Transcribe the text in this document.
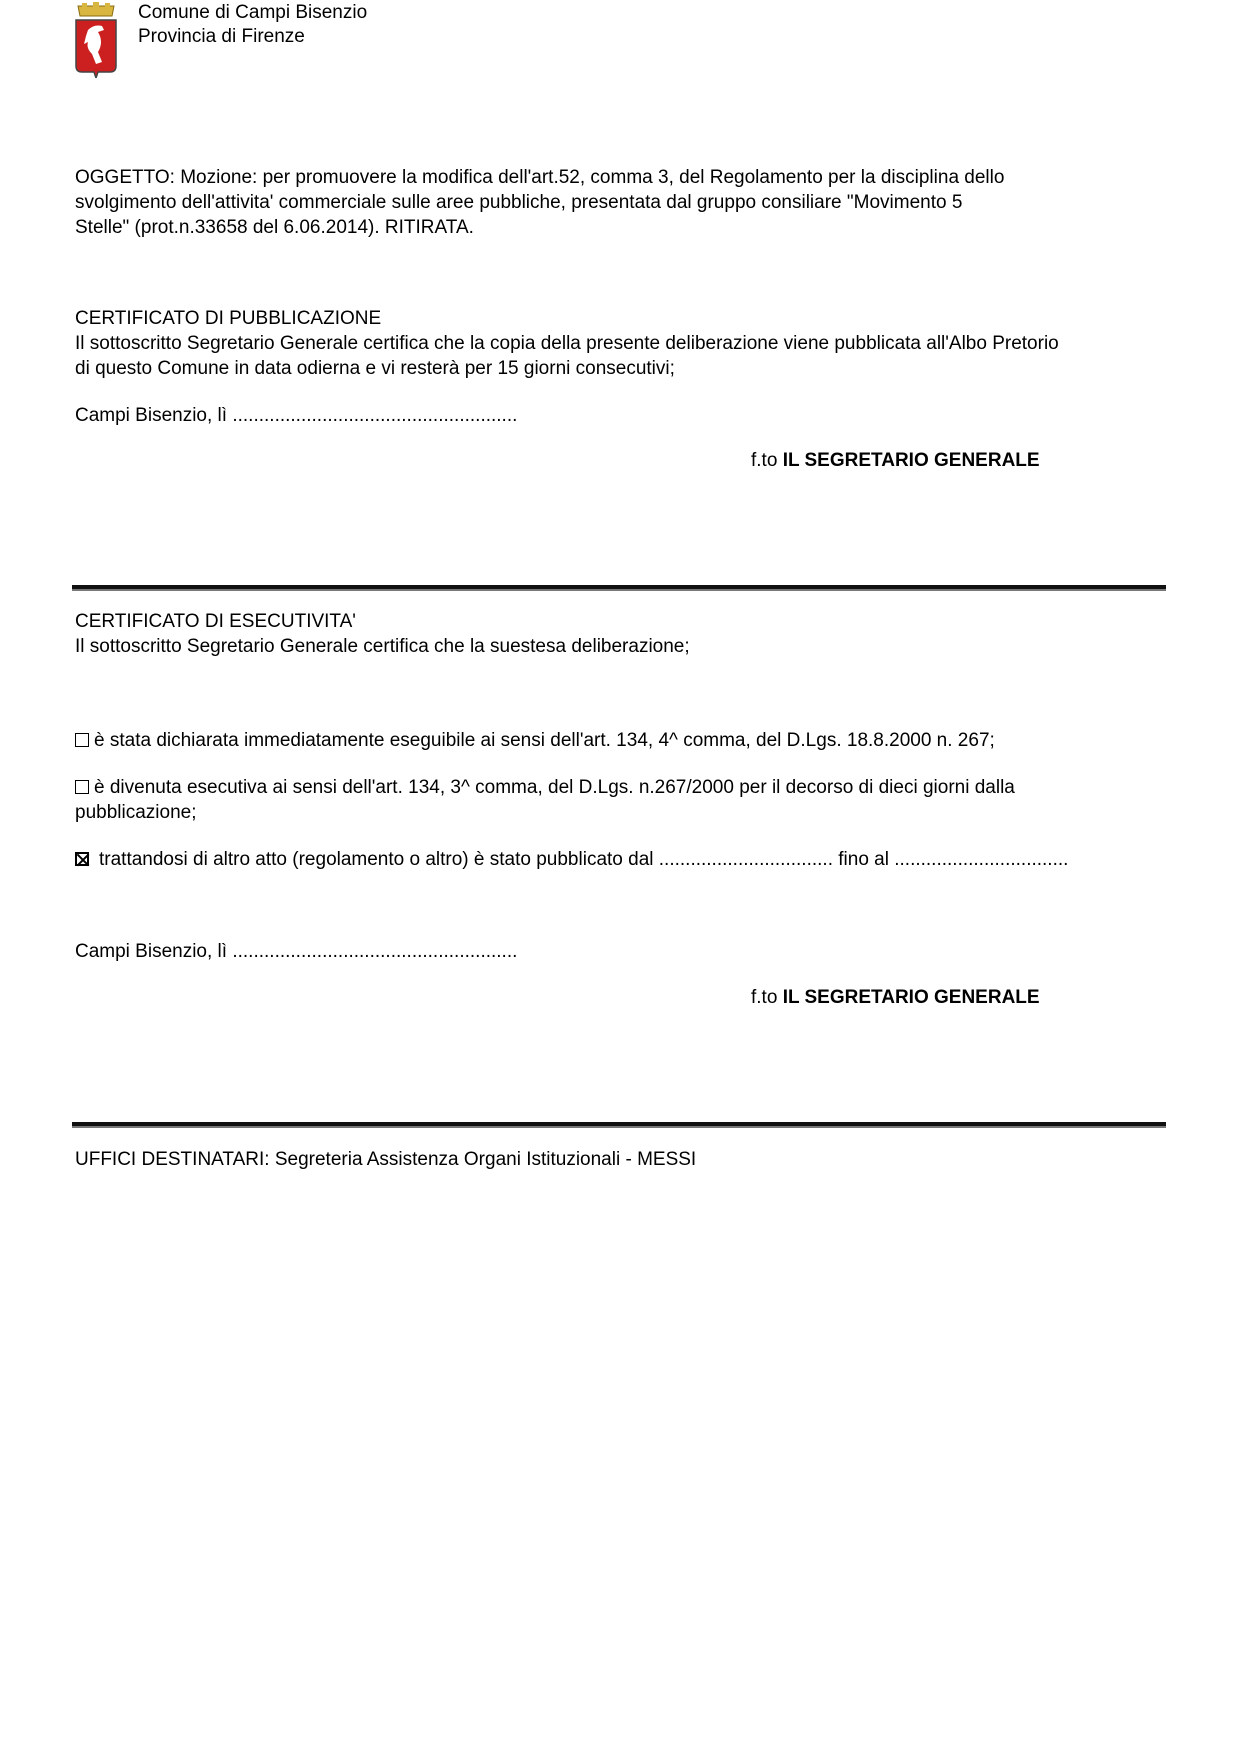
Comune di Campi Bisenzio
Provincia di Firenze
OGGETTO: Mozione: per promuovere la modifica dell'art.52, comma 3, del Regolamento per la disciplina dello
svolgimento dell'attivita' commerciale sulle aree pubbliche, presentata dal gruppo consiliare "Movimento 5
Stelle" (prot.n.33658 del 6.06.2014). RITIRATA.
CERTIFICATO DI PUBBLICAZIONE
Il sottoscritto Segretario Generale certifica che la copia della presente deliberazione viene pubblicata all'Albo Pretorio
di questo Comune in data odierna e vi resterà per 15 giorni consecutivi;
Campi Bisenzio, lì ......................................................
f.to IL SEGRETARIO GENERALE
CERTIFICATO DI ESECUTIVITA'
Il sottoscritto Segretario Generale certifica che la suestesa deliberazione;
è stata dichiarata immediatamente eseguibile ai sensi dell'art. 134, 4^ comma, del D.Lgs. 18.8.2000 n. 267;
è divenuta esecutiva ai sensi dell'art. 134, 3^ comma, del D.Lgs. n.267/2000 per il decorso di dieci giorni dalla
pubblicazione;
trattandosi di altro atto (regolamento o altro) è stato pubblicato dal ................................. fino al .................................
Campi Bisenzio, lì ......................................................
f.to IL SEGRETARIO GENERALE
UFFICI DESTINATARI: Segreteria Assistenza Organi Istituzionali - MESSI
